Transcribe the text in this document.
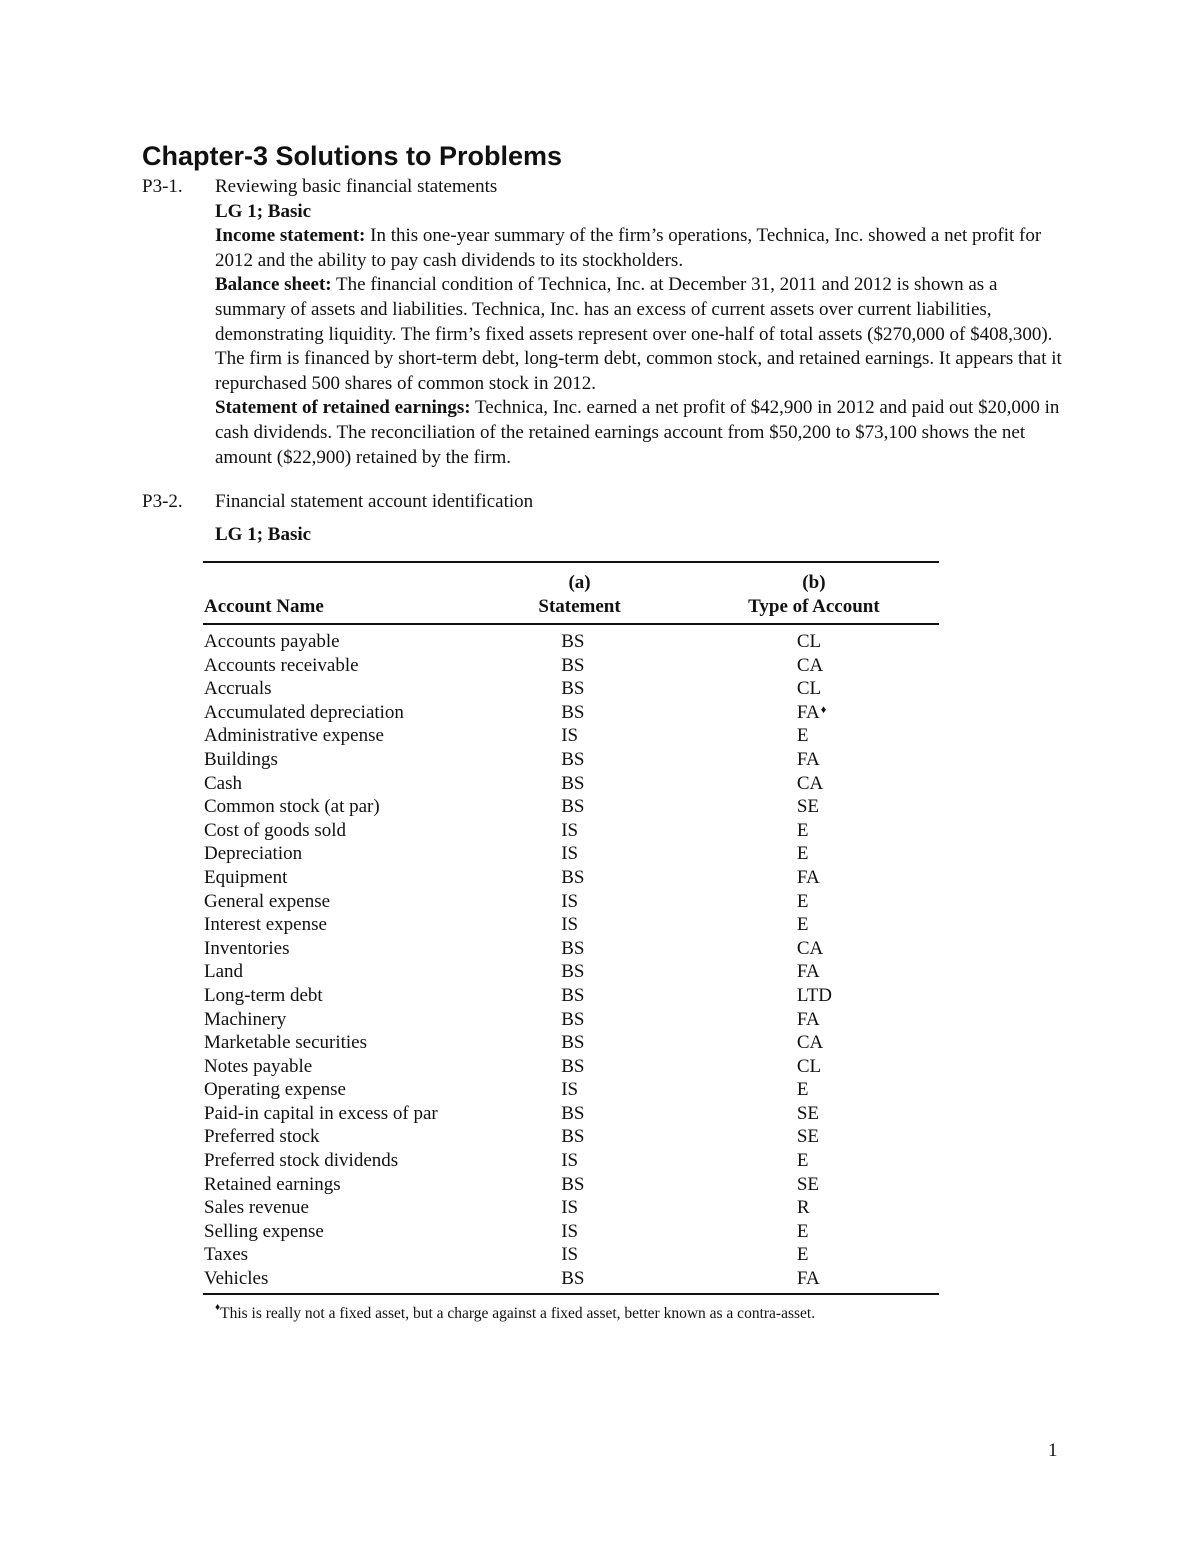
Chapter-3 Solutions to Problems
P3-1.	Reviewing basic financial statements
LG 1; Basic
Income statement: In this one-year summary of the firm’s operations, Technica, Inc. showed a net profit for 2012 and the ability to pay cash dividends to its stockholders.
Balance sheet: The financial condition of Technica, Inc. at December 31, 2011 and 2012 is shown as a summary of assets and liabilities. Technica, Inc. has an excess of current assets over current liabilities, demonstrating liquidity. The firm’s fixed assets represent over one-half of total assets ($270,000 of $408,300). The firm is financed by short-term debt, long-term debt, common stock, and retained earnings. It appears that it repurchased 500 shares of common stock in 2012.
Statement of retained earnings: Technica, Inc. earned a net profit of $42,900 in 2012 and paid out $20,000 in cash dividends. The reconciliation of the retained earnings account from $50,200 to $73,100 shows the net amount ($22,900) retained by the firm.
P3-2.	Financial statement account identification
LG 1; Basic
	(a)	(b)
Account Name	Statement	Type of Account
Accounts payable	BS	CL
Accounts receivable	BS	CA
Accruals	BS	CL
Accumulated depreciation	BS	FA♦
Administrative expense	IS	E
Buildings	BS	FA
Cash	BS	CA
Common stock (at par)	BS	SE
Cost of goods sold	IS	E
Depreciation	IS	E
Equipment	BS	FA
General expense	IS	E
Interest expense	IS	E
Inventories	BS	CA
Land	BS	FA
Long-term debt	BS	LTD
Machinery	BS	FA
Marketable securities	BS	CA
Notes payable	BS	CL
Operating expense	IS	E
Paid-in capital in excess of par	BS	SE
Preferred stock	BS	SE
Preferred stock dividends	IS	E
Retained earnings	BS	SE
Sales revenue	IS	R
Selling expense	IS	E
Taxes	IS	E
Vehicles	BS	FA
♦This is really not a fixed asset, but a charge against a fixed asset, better known as a contra-asset.
1
